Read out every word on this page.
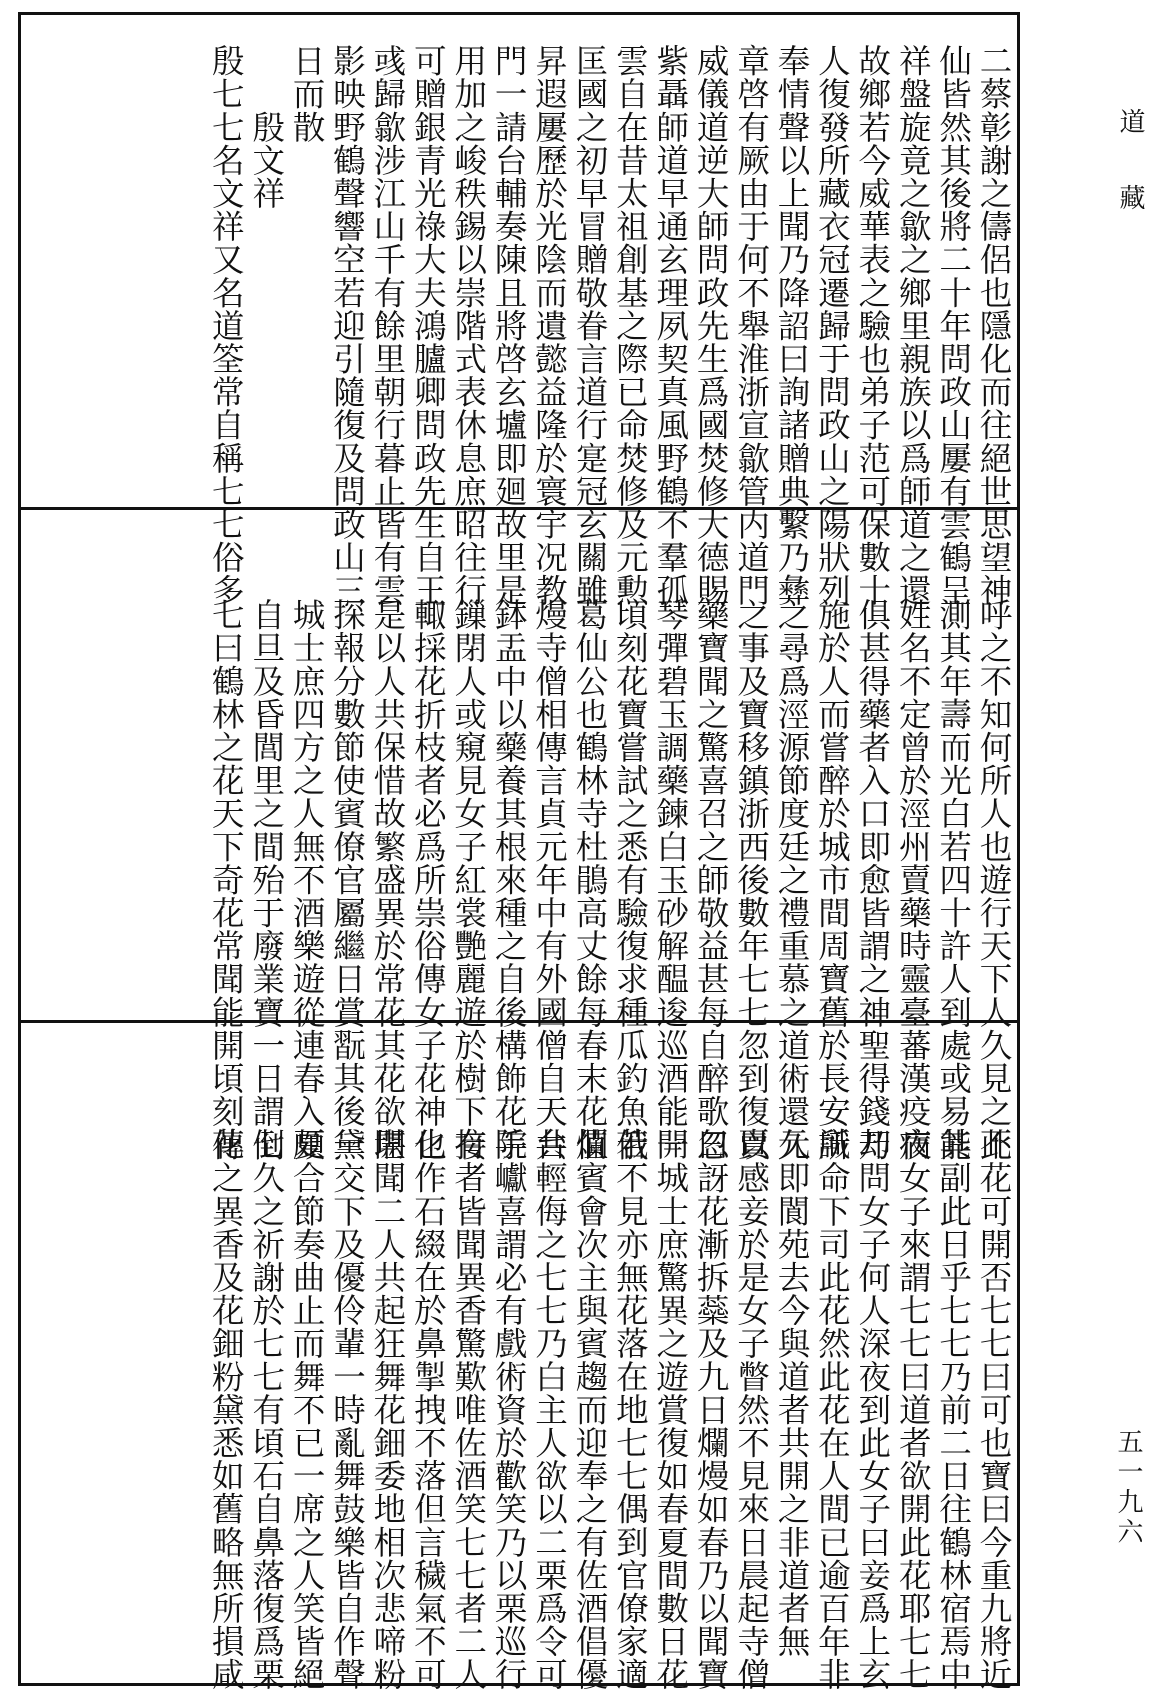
二蔡彰謝之儔侶也隱化而往絕世思望神
仙皆然其後將二十年問政山屢有雲鶴呈
祥盤旋竟之歙之鄉里親族以爲師道之還
故鄉若今威華表之驗也弟子范可保數十
人復發所藏衣冠遷歸于問政山之陽狀列
奉情聲以上聞乃降詔曰詢諸贈典繫乃彝
章啓有厥由于何不舉淮浙宣歙管内道門
威儀道逆大師問政先生爲國焚修大德賜
紫聶師道早通玄理夙契真風野鶴不羣孤
雲自在昔太祖創基之際已命焚修及元勲
匡國之初早冒贈敬眷言道行寔冠玄關雖
昇遐屢歷於光陰而遺懿益隆於寰宇况教
門一請台輔奏陳且將啓玄壚即廻故里是
用加之峻秩錫以崇階式表休息庶昭往行
可贈銀青光祿大夫鴻臚卿問政先生自王
彧歸歙涉江山千有餘里朝行暮止皆有雲
影映野鶴聲響空若迎引隨復及問政山三
日而散
　　殷文祥
殷七七名文祥又名道筌常自稱七七俗多
呼之不知何所人也遊行天下人久見之不
測其年壽而光白若四十許人到處或易其
姓名不定曾於涇州賣藥時靈臺蕃漢疫病
俱甚得藥者入口即愈皆謂之神聖得錢却
施於人而嘗醉於城市間周寶舊於長安識
之尋爲涇源節度廷之禮重慕之道術還元
之事及寶移鎮浙西後數年七七忽到復賣
藥寶聞之驚喜召之師敬益甚每自醉歌曰
琴彈碧玉調藥鍊白玉砂解醖逡巡酒能開
頃刻花寶嘗試之悉有驗復求種瓜釣魚若
葛仙公也鶴林寺杜鵑高丈餘每春末花爛
熳寺僧相傳言貞元年中有外國僧自天台
鉢盂中以藥養其根來種之自後構飾花院
鏁閉人或窺見女子紅裳艷麗遊於樹下有
輙採花折枝者必爲所祟俗傳女子花神也
是以人共保惜故繁盛異於常花其花欲開
探報分數節使賓僚官屬繼日賞翫其後一
城士庶四方之人無不酒樂遊從連春入夏
自旦及昏閭里之間殆于廢業寶一日謂七
七曰鶴林之花天下奇花常聞能開頃刻花
此花可開否七七曰可也寶曰今重九將近
能副此日乎七七乃前二日往鶴林宿焉中
夜女子來謂七七曰道者欲開此花耶七七
乃問女子何人深夜到此女子曰妾爲上玄
所命下司此花然此花在人間已逾百年非
久即閬苑去今與道者共開之非道者無
以感妾於是女子瞥然不見來日晨起寺僧
忽訝花漸拆蘂及九日爛熳如春乃以聞寶
一城士庶驚異之遊賞復如春夏間數日花
俄不見亦無花落在地七七偶到官僚家適
值賓會次主與賓趨而迎奉之有佐酒倡優
共輕侮之七七乃白主人欲以二栗爲令可
手巘喜謂必有戲術資於歡笑乃以栗巡行
接者皆聞異香驚歎唯佐酒笑七七者二人
化作石綴在於鼻掣拽不落但言穢氣不可
堪聞二人共起狂舞花鈿委地相次悲啼粉
黛交下及優伶輩一時亂舞鼓樂皆自作聲
頗合節奏曲止而舞不已一席之人笑皆絕
倒久之祈謝於七七有頃石自鼻落復爲栗
傳之異香及花鈿粉黛悉如舊略無所損咸
道藏
五一九六
